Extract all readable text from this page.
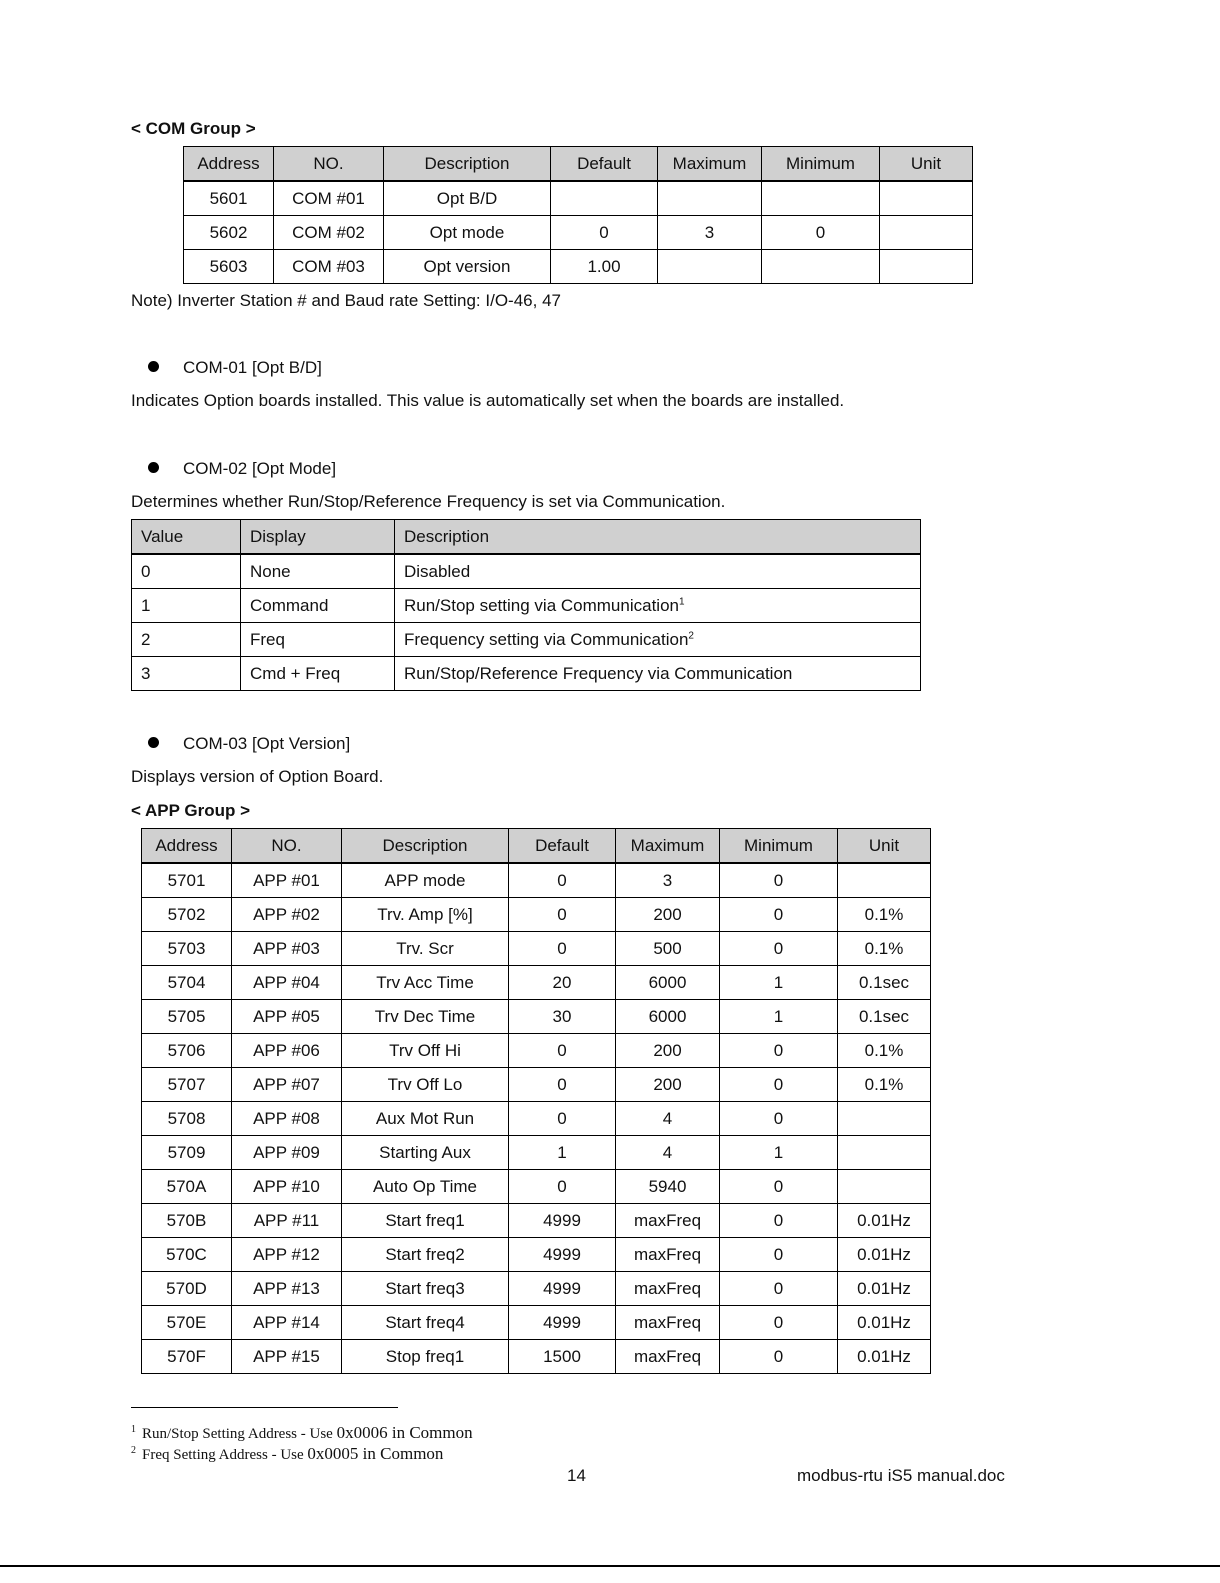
< COM Group >
Address	NO.	Description	Default	Maximum	Minimum	Unit
5601	COM #01	Opt B/D				
5602	COM #02	Opt mode	0	3	0	
5603	COM #03	Opt version	1.00			
Note) Inverter Station # and Baud rate Setting: I/O-46, 47
COM-01 [Opt B/D]
Indicates Option boards installed. This value is automatically set when the boards are installed.
COM-02 [Opt Mode]
Determines whether Run/Stop/Reference Frequency is set via Communication.
Value	Display	Description
0	None	Disabled
1	Command	Run/Stop setting via Communication$^1$
2	Freq	Frequency setting via Communication$^2$
3	Cmd + Freq	Run/Stop/Reference Frequency via Communication
COM-03 [Opt Version]
Displays version of Option Board.
< APP Group >
Address	NO.	Description	Default	Maximum	Minimum	Unit
5701	APP #01	APP mode	0	3	0	
5702	APP #02	Trv. Amp [%]	0	200	0	0.1%
5703	APP #03	Trv. Scr	0	500	0	0.1%
5704	APP #04	Trv Acc Time	20	6000	1	0.1sec
5705	APP #05	Trv Dec Time	30	6000	1	0.1sec
5706	APP #06	Trv Off Hi	0	200	0	0.1%
5707	APP #07	Trv Off Lo	0	200	0	0.1%
5708	APP #08	Aux Mot Run	0	4	0	
5709	APP #09	Starting Aux	1	4	1	
570A	APP #10	Auto Op Time	0	5940	0	
570B	APP #11	Start freq1	4999	maxFreq	0	0.01Hz
570C	APP #12	Start freq2	4999	maxFreq	0	0.01Hz
570D	APP #13	Start freq3	4999	maxFreq	0	0.01Hz
570E	APP #14	Start freq4	4999	maxFreq	0	0.01Hz
570F	APP #15	Stop freq1	1500	maxFreq	0	0.01Hz
$^1$ Run/Stop Setting Address - Use 0x0006 in Common
$^2$ Freq Setting Address - Use 0x0005 in Common
14	modbus-rtu iS5 manual.doc
